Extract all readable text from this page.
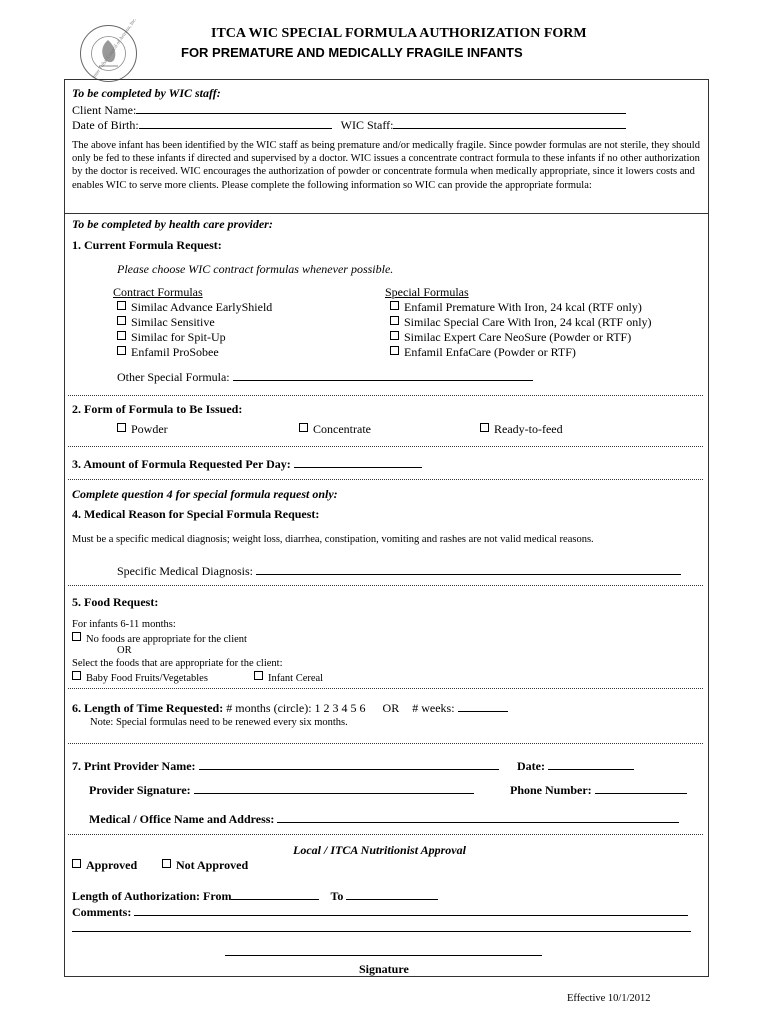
Inter Tribal Council of Arizona, Inc.	ITCA WIC SPECIAL FORMULA AUTHORIZATION FORM
FOR PREMATURE AND MEDICALLY FRAGILE INFANTS
To be completed by WIC staff:
Client Name:
Date of Birth:	WIC Staff:
The above infant has been identified by the WIC staff as being premature and/or medically fragile. Since powder formulas are not sterile, they should only be fed to these infants if directed and supervised by a doctor. WIC issues a concentrate contract formula to these infants if no other authorization by the doctor is received. WIC encourages the authorization of powder or concentrate formula when medically appropriate, since it lowers costs and enables WIC to serve more clients. Please complete the following information so WIC can provide the appropriate formula:
To be completed by health care provider:
1. Current Formula Request:
Please choose WIC contract formulas whenever possible.
Contract Formulas
Similac Advance EarlyShield
Similac Sensitive
Similac for Spit-Up
Enfamil ProSobee
Special Formulas
Enfamil Premature With Iron, 24 kcal (RTF only)
Similac Special Care With Iron, 24 kcal (RTF only)
Similac Expert Care NeoSure (Powder or RTF)
Enfamil EnfaCare (Powder or RTF)
Other Special Formula:
2. Form of Formula to Be Issued:
Powder	Concentrate	Ready-to-feed
3. Amount of Formula Requested Per Day:
Complete question 4 for special formula request only:
4. Medical Reason for Special Formula Request:
Must be a specific medical diagnosis; weight loss, diarrhea, constipation, vomiting and rashes are not valid medical reasons.
Specific Medical Diagnosis:
5. Food Request:
For infants 6-11 months:
No foods are appropriate for the client
OR
Select the foods that are appropriate for the client:
Baby Food Fruits/Vegetables	Infant Cereal
6. Length of Time Requested: # months (circle): 1 2 3 4 5 6 OR # weeks:
Note: Special formulas need to be renewed every six months.
7. Print Provider Name:	Date:
Provider Signature:	Phone Number:
Medical / Office Name and Address:
Local / ITCA Nutritionist Approval
Approved	Not Approved
Length of Authorization: From	To
Comments:
Signature
Effective 10/1/2012
